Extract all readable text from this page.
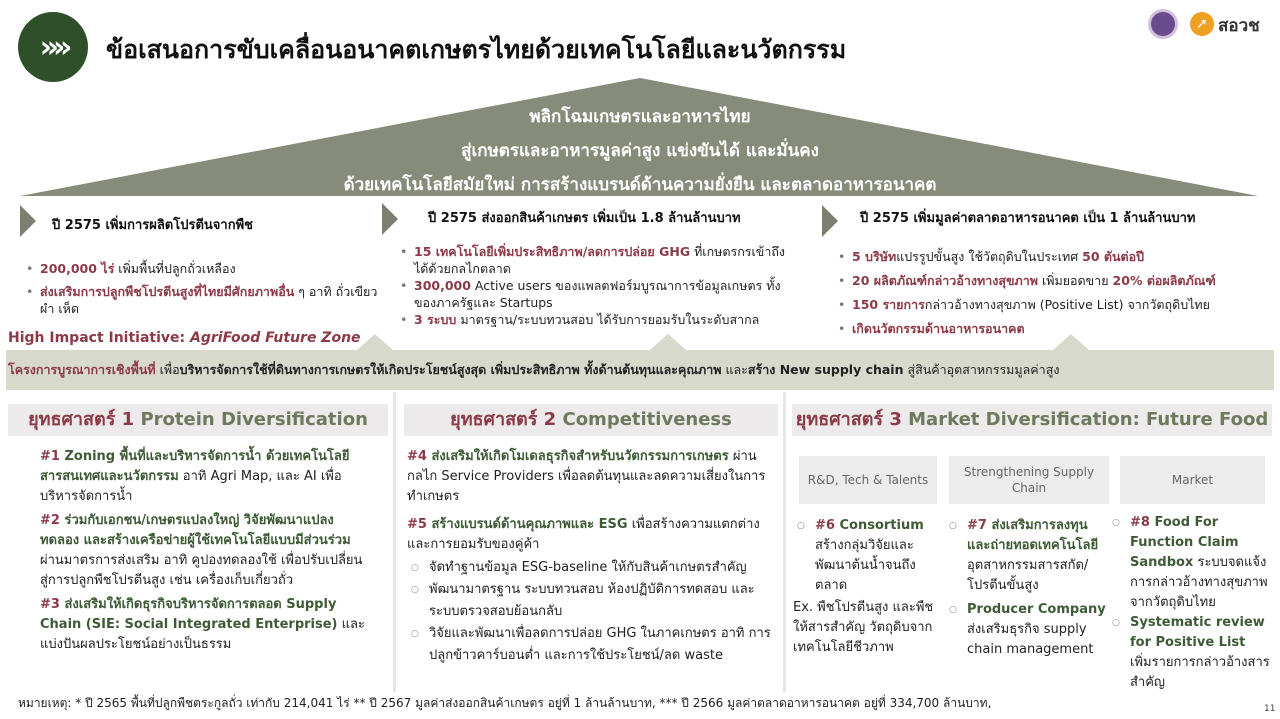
»»	ข้อเสนอการขับเคลื่อนอนาคตเกษตรไทยด้วยเทคโนโลยีและนวัตกรรม
➚ สอวช
พลิกโฉมเกษตรและอาหารไทย
สู่เกษตรและอาหารมูลค่าสูง แข่งขันได้ และมั่นคง
ด้วยเทคโนโลยีสมัยใหม่ การสร้างแบรนด์ด้านความยั่งยืน และตลาดอาหารอนาคต
ปี 2575 เพิ่มการผลิตโปรตีนจากพืช
• 200,000 ไร่ เพิ่มพื้นที่ปลูกถั่วเหลือง
• ส่งเสริมการปลูกพืชโปรตีนสูงที่ไทยมีศักยภาพอื่น ๆ อาทิ ถั่วเขียว ผำ เห็ด
High Impact Initiative: AgriFood Future Zone
ปี 2575 ส่งออกสินค้าเกษตร เพิ่มเป็น 1.8 ล้านล้านบาท
• 15 เทคโนโลยีเพิ่มประสิทธิภาพ/ลดการปล่อย GHG ที่เกษตรกรเข้าถึงได้ด้วยกลไกตลาด
• 300,000 Active users ของแพลตฟอร์มบูรณาการข้อมูลเกษตร ทั้งของภาครัฐและ Startups
• 3 ระบบ มาตรฐาน/ระบบทวนสอบ ได้รับการยอมรับในระดับสากล
ปี 2575 เพิ่มมูลค่าตลาดอาหารอนาคต เป็น 1 ล้านล้านบาท
• 5 บริษัทแปรรูปขั้นสูง ใช้วัตถุดิบในประเทศ 50 ตันต่อปี
• 20 ผลิตภัณฑ์กล่าวอ้างทางสุขภาพ เพิ่มยอดขาย 20% ต่อผลิตภัณฑ์
• 150 รายการกล่าวอ้างทางสุขภาพ (Positive List) จากวัตถุดิบไทย
• เกิดนวัตกรรมด้านอาหารอนาคต
โครงการบูรณาการเชิงพื้นที่ เพื่อบริหารจัดการใช้ที่ดินทางการเกษตรให้เกิดประโยชน์สูงสุด เพิ่มประสิทธิภาพ ทั้งด้านต้นทุนและคุณภาพ และสร้าง New supply chain สู่สินค้าอุตสาหกรรมมูลค่าสูง
ยุทธศาสตร์ 1 Protein Diversification	ยุทธศาสตร์ 2 Competitiveness	ยุทธศาสตร์ 3 Market Diversification: Future Food

#1 Zoning พื้นที่และบริหารจัดการน้ำ ด้วยเทคโนโลยีสารสนเทศและนวัตกรรม อาทิ Agri Map, และ AI เพื่อบริหารจัดการน้ำ

#2 ร่วมกับเอกชน/เกษตรแปลงใหญ่ วิจัยพัฒนาแปลงทดลอง และสร้างเครือข่ายผู้ใช้เทคโนโลยีแบบมีส่วนร่วม ผ่านมาตรการส่งเสริม อาทิ คูปองทดลองใช้ เพื่อปรับเปลี่ยนสู่การปลูกพืชโปรตีนสูง เช่น เครื่องเก็บเกี่ยวถั่ว

#3 ส่งเสริมให้เกิดธุรกิจบริหารจัดการตลอด Supply Chain (SIE: Social Integrated Enterprise) และแบ่งปันผลประโยชน์อย่างเป็นธรรม

#4 ส่งเสริมให้เกิดโมเดลธุรกิจสำหรับนวัตกรรมการเกษตร ผ่านกลไก Service Providers เพื่อลดต้นทุนและลดความเสี่ยงในการทำเกษตร

#5 สร้างแบรนด์ด้านคุณภาพและ ESG เพื่อสร้างความแตกต่างและการยอมรับของคู่ค้า

○ จัดทำฐานข้อมูล ESG-baseline ให้กับสินค้าเกษตรสำคัญ
○ พัฒนามาตรฐาน ระบบทวนสอบ ห้องปฏิบัติการทดสอบ และระบบตรวจสอบย้อนกลับ
○ วิจัยและพัฒนาเพื่อลดการปล่อย GHG ในภาคเกษตร อาทิ การปลูกข้าวคาร์บอนต่ำ และการใช้ประโยชน์/ลด waste
R&D, Tech & Talents
Strengthening Supply Chain
Market
○ #6 Consortium
สร้างกลุ่มวิจัยและพัฒนาต้นน้ำจนถึงตลาด

Ex. พืชโปรตีนสูง และพืชให้สารสำคัญ วัตถุดิบจากเทคโนโลยีชีวภาพ

○ #7 ส่งเสริมการลงทุนและถ่ายทอดเทคโนโลยี
อุตสาหกรรมสารสกัด/โปรตีนขั้นสูง
○ Producer Company
ส่งเสริมธุรกิจ supply chain management
○ #8 Food For Function Claim Sandbox ระบบจดแจ้งการกล่าวอ้างทางสุขภาพจากวัตถุดิบไทย
○ Systematic review for Positive List
เพิ่มรายการกล่าวอ้างสารสำคัญ
หมายเหตุ: * ปี 2565 พื้นที่ปลูกพืชตระกูลถั่ว เท่ากับ 214,041 ไร่ ** ปี 2567 มูลค่าส่งออกสินค้าเกษตร อยู่ที่ 1 ล้านล้านบาท, *** ปี 2566 มูลค่าตลาดอาหารอนาคต อยู่ที่ 334,700 ล้านบาท,	11
